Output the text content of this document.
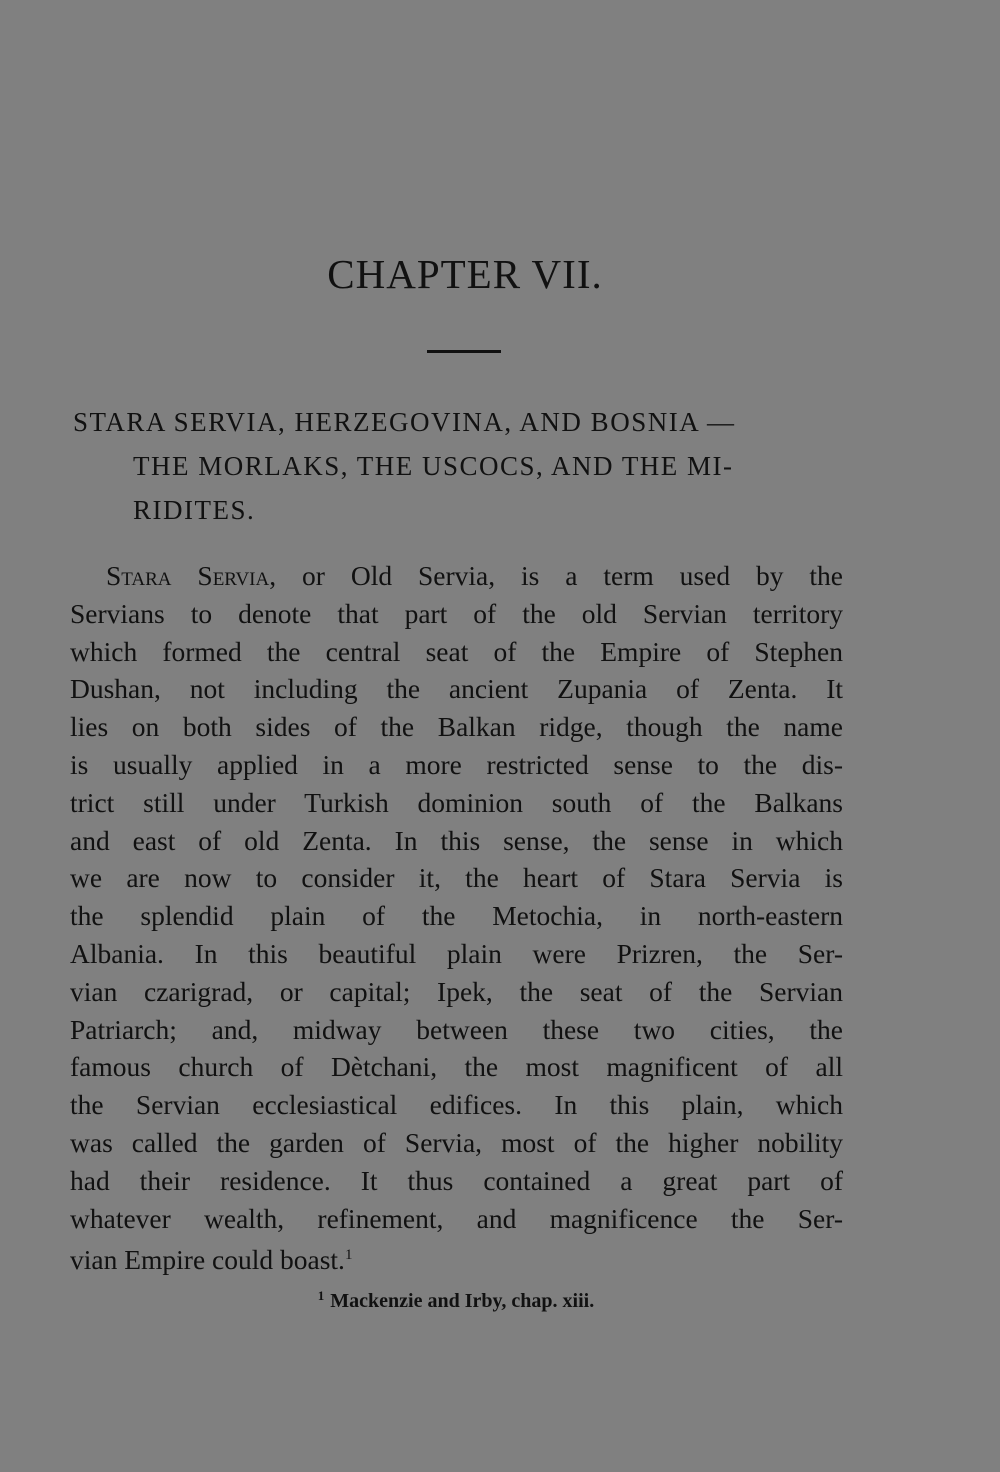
CHAPTER VII.
STARA SERVIA, HERZEGOVINA, AND BOSNIA —
THE MORLAKS, THE USCOCS, AND THE MI-
RIDITES.
Stara Servia, or Old Servia, is a term used by the
Servians to denote that part of the old Servian territory
which formed the central seat of the Empire of Stephen
Dushan, not including the ancient Zupania of Zenta. It
lies on both sides of the Balkan ridge, though the name
is usually applied in a more restricted sense to the dis-
trict still under Turkish dominion south of the Balkans
and east of old Zenta. In this sense, the sense in which
we are now to consider it, the heart of Stara Servia is
the splendid plain of the Metochia, in north-eastern
Albania. In this beautiful plain were Prizren, the Ser-
vian czarigrad, or capital; Ipek, the seat of the Servian
Patriarch; and, midway between these two cities, the
famous church of Dètchani, the most magnificent of all
the Servian ecclesiastical edifices. In this plain, which
was called the garden of Servia, most of the higher nobility
had their residence. It thus contained a great part of
whatever wealth, refinement, and magnificence the Ser-
vian Empire could boast.$^1$
$^1$ Mackenzie and Irby, chap. xiii.
